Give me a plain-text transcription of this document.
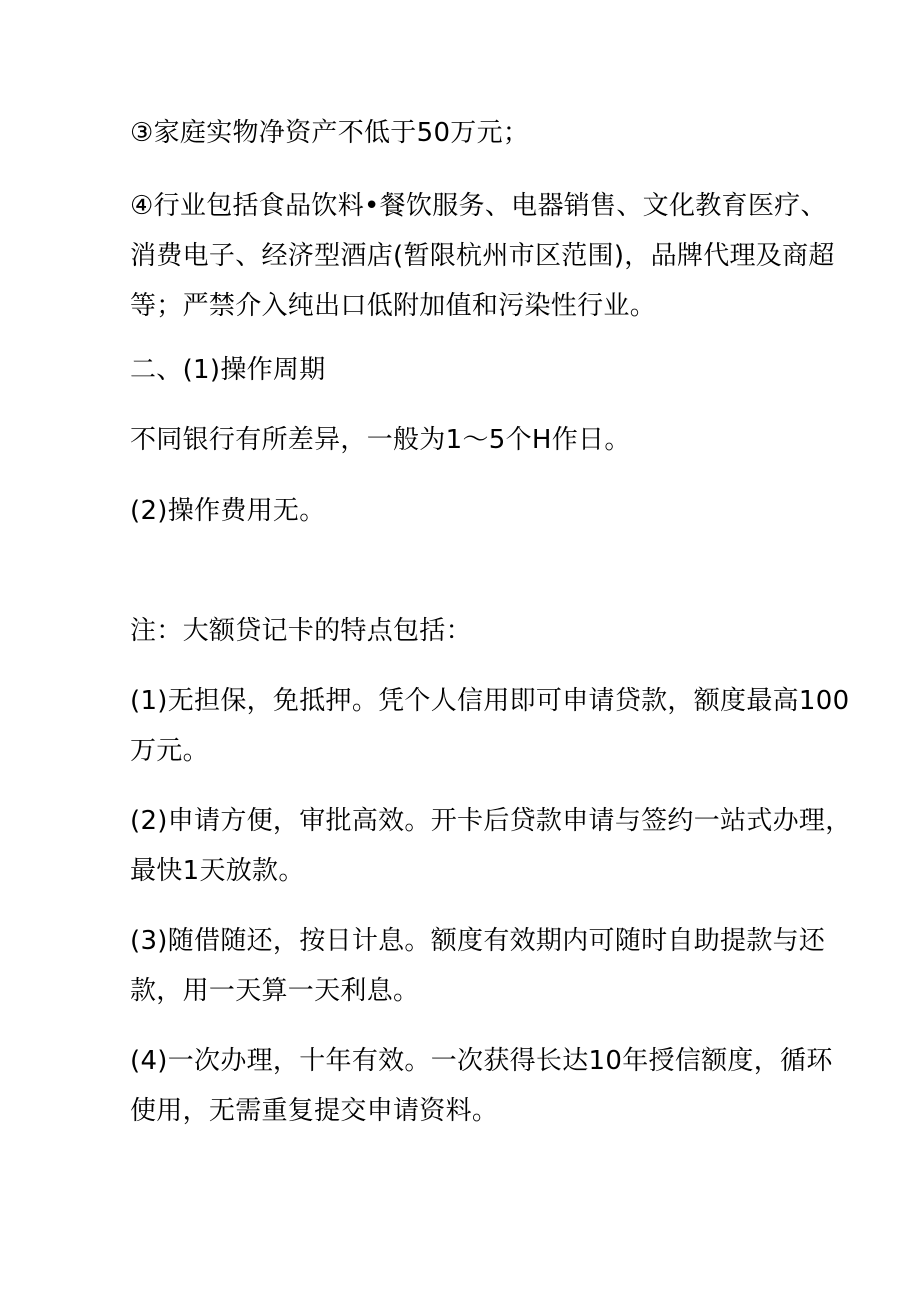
③家庭实物净资产不低于50万元；

④行业包括食品饮料•餐饮服务、电器销售、文化教育医疗、
消费电子、经济型酒店(暂限杭州市区范围)，品牌代理及商超
等；严禁介入纯出口低附加值和污染性行业。

二、(1)操作周期

不同银行有所差异，一般为1〜5个H作日。

(2)操作费用无。

注：大额贷记卡的特点包括：

(1)无担保，免抵押。凭个人信用即可申请贷款，额度最高100
万元。

(2)申请方便，审批高效。开卡后贷款申请与签约一站式办理，
最快1天放款。

(3)随借随还，按日计息。额度有效期内可随时自助提款与还
款，用一天算一天利息。

(4)一次办理，十年有效。一次获得长达10年授信额度，循环
使用，无需重复提交申请资料。
